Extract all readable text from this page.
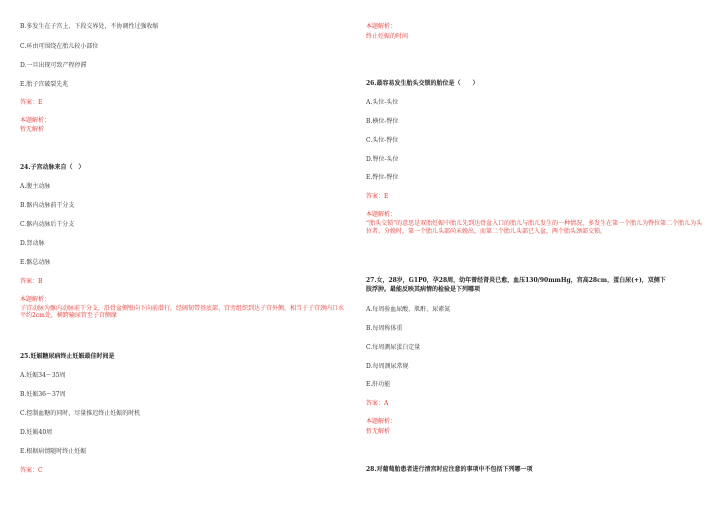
B.多发生在子宫上、下段交界处，不协调性过强收缩
C.环由可围绕在胎儿较小部位
D.一旦出现可致产程停滞
E.胎子宫破裂先兆
答案：E
本题解析：
暂无解析
24.子宫动脉来自（　）
A.腹主动脉
B.髂内动脉前干分支
C.髂内动脉后干分支
D.肾动脉
E.髂总动脉
答案：B
本题解析：
子宫动脉为髂内动脉前干分支，沿骨盆侧壁向下向前潜行，经阔韧带基底部、宫旁组织到达子宫外侧，相当于子宫颈内口水平约2cm处，横跨输尿管至子宫侧缘
25.妊娠糖尿病终止妊娠最佳时间是
A.妊娠34～35周
B.妊娠36～37周
C.控制血糖的同时，尽量推迟终止妊娠的时机
D.妊娠40周
E.根据病情随时终止妊娠
答案：C
本题解析：
终止妊娠的时间
26.最容易发生胎头交锁的胎位是（　　）
A.头位-头位
B.横位-臀位
C.头位-臀位
D.臀位-头位
E.臀位-臀位
答案：E
本题解析：
“胎头交锁”的意思是双胎妊娠中胎儿先到达骨盆入口的胎儿与胎儿发生的一种情况，多发生在第一个胎儿为臀位第二个胎儿为头位者。分娩时，第一个胎儿头部尚未娩出，而第二个胎儿头部已入盆，两个胎头颈部交锁。
27.女，28岁，G1P0，孕28周，幼年曾经肾炎已愈，血压130/90mmHg，宫高28cm，蛋白尿(+)，双侧下
肢浮肿。最能反映其病情的检验是下列哪项
A.每周验血尿酸、肌酐、尿素氮
B.每周称体重
C.每周测尿蛋白定量
D.每周测尿常规
E.肝功能
答案：A
本题解析：
暂无解析
28.对葡萄胎患者进行清宫时应注意的事项中不包括下列哪一项
